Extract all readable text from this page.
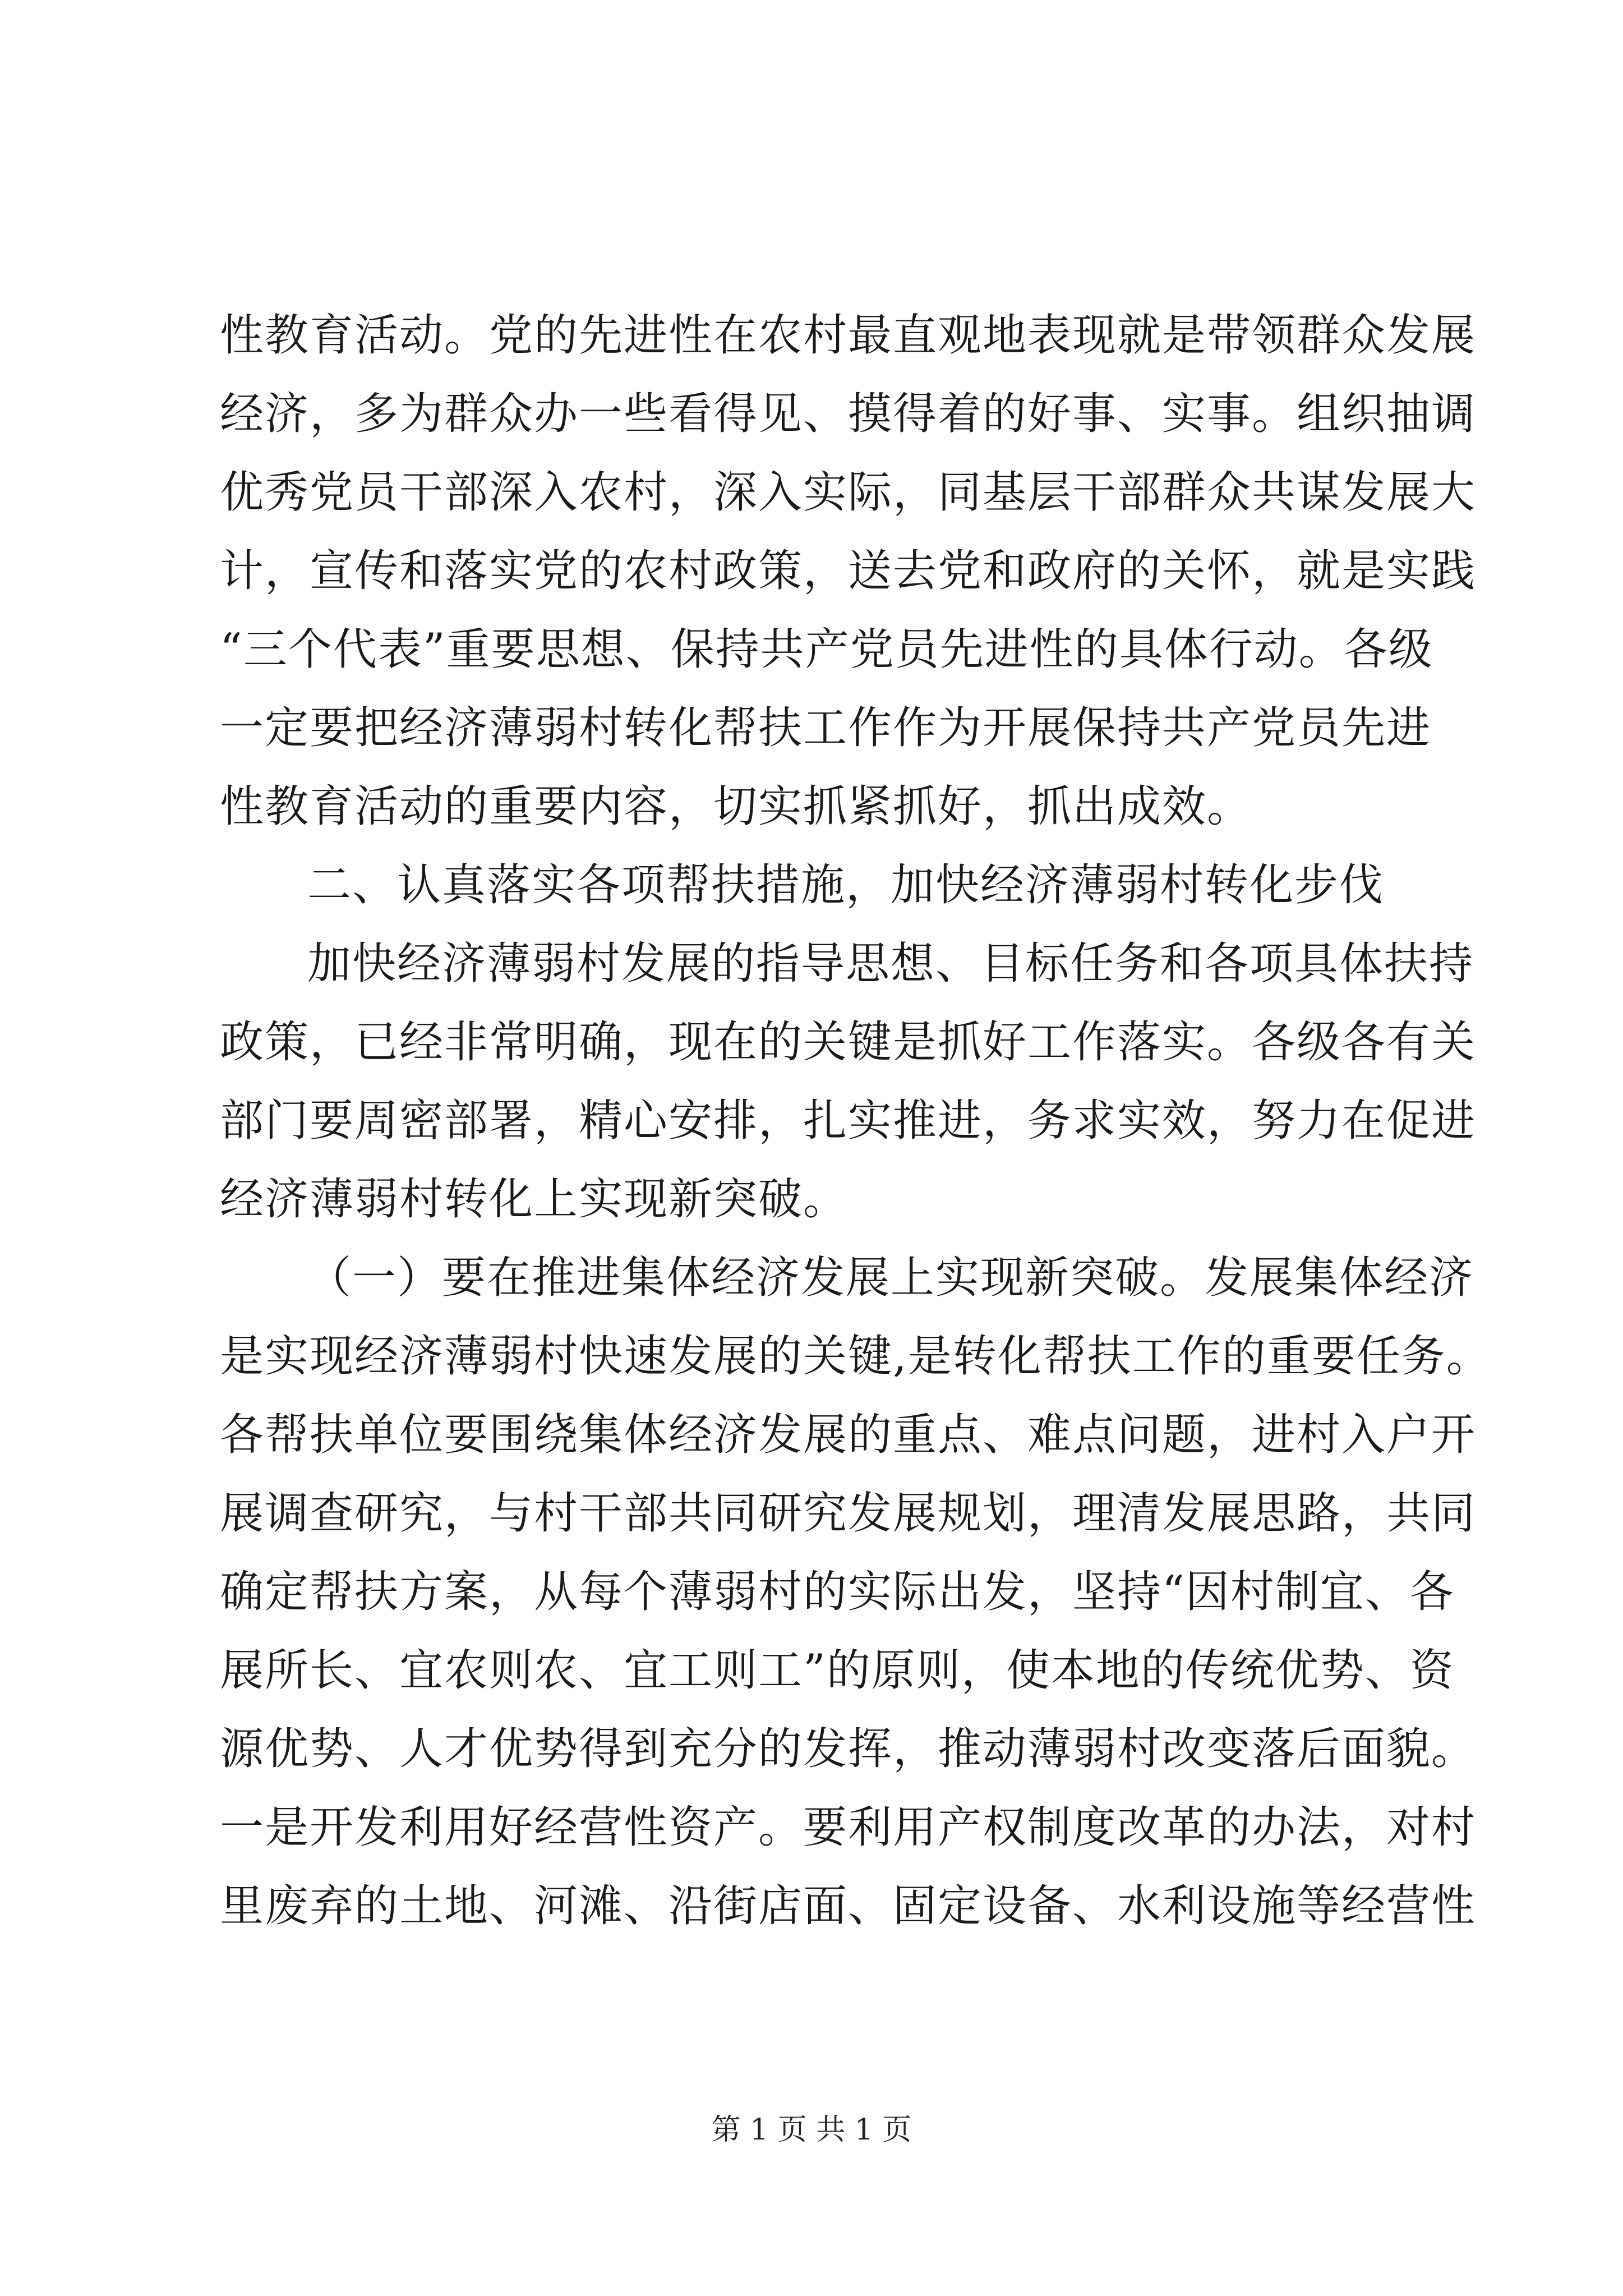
性教育活动。党的先进性在农村最直观地表现就是带领群众发展
经济，多为群众办一些看得见、摸得着的好事、实事。组织抽调
优秀党员干部深入农村，深入实际，同基层干部群众共谋发展大
计，宣传和落实党的农村政策，送去党和政府的关怀，就是实践
“三个代表”重要思想、保持共产党员先进性的具体行动。各级
一定要把经济薄弱村转化帮扶工作作为开展保持共产党员先进
性教育活动的重要内容，切实抓紧抓好，抓出成效。
二、认真落实各项帮扶措施，加快经济薄弱村转化步伐
加快经济薄弱村发展的指导思想、目标任务和各项具体扶持
政策，已经非常明确，现在的关键是抓好工作落实。各级各有关
部门要周密部署，精心安排，扎实推进，务求实效，努力在促进
经济薄弱村转化上实现新突破。
（一）要在推进集体经济发展上实现新突破。发展集体经济
是实现经济薄弱村快速发展的关键,是转化帮扶工作的重要任务。
各帮扶单位要围绕集体经济发展的重点、难点问题，进村入户开
展调查研究，与村干部共同研究发展规划，理清发展思路，共同
确定帮扶方案，从每个薄弱村的实际出发，坚持“因村制宜、各
展所长、宜农则农、宜工则工”的原则，使本地的传统优势、资
源优势、人才优势得到充分的发挥，推动薄弱村改变落后面貌。
一是开发利用好经营性资产。要利用产权制度改革的办法，对村
里废弃的土地、河滩、沿街店面、固定设备、水利设施等经营性
第 1 页 共 1 页
